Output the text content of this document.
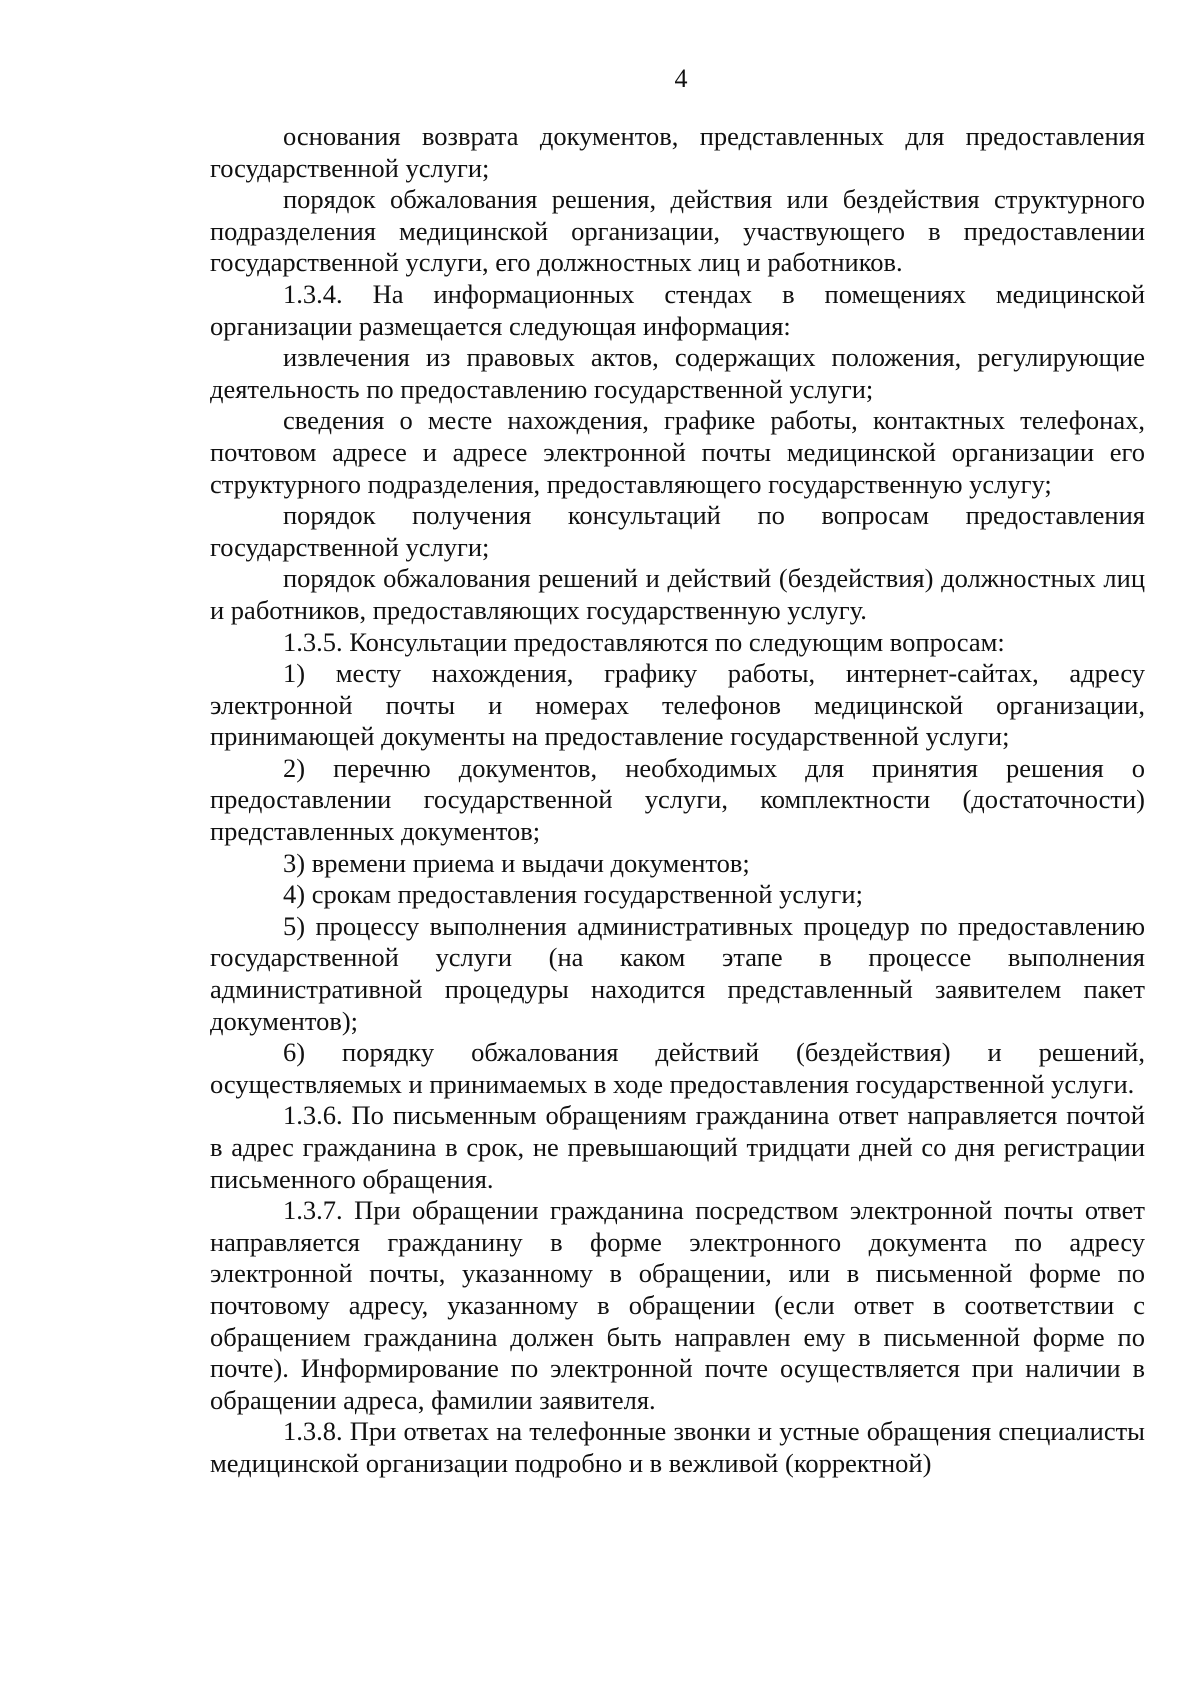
4

основания возврата документов, представленных для предоставления государственной услуги;

порядок обжалования решения, действия или бездействия структурного подразделения медицинской организации, участвующего в предоставлении государственной услуги, его должностных лиц и работников.

1.3.4. На информационных стендах в помещениях медицинской организации размещается следующая информация:

извлечения из правовых актов, содержащих положения, регулирующие деятельность по предоставлению государственной услуги;

сведения о месте нахождения, графике работы, контактных телефонах, почтовом адресе и адресе электронной почты медицинской организации его структурного подразделения, предоставляющего государственную услугу;

порядок получения консультаций по вопросам предоставления государственной услуги;

порядок обжалования решений и действий (бездействия) должностных лиц и работников, предоставляющих государственную услугу.

1.3.5. Консультации предоставляются по следующим вопросам:

1) месту нахождения, графику работы, интернет-сайтах, адресу электронной почты и номерах телефонов медицинской организации, принимающей документы на предоставление государственной услуги;

2) перечню документов, необходимых для принятия решения о предоставлении государственной услуги, комплектности (достаточности) представленных документов;

3) времени приема и выдачи документов;

4) срокам предоставления государственной услуги;

5) процессу выполнения административных процедур по предоставлению государственной услуги (на каком этапе в процессе выполнения административной процедуры находится представленный заявителем пакет документов);

6) порядку обжалования действий (бездействия) и решений, осуществляемых и принимаемых в ходе предоставления государственной услуги.

1.3.6. По письменным обращениям гражданина ответ направляется почтой в адрес гражданина в срок, не превышающий тридцати дней со дня регистрации письменного обращения.

1.3.7. При обращении гражданина посредством электронной почты ответ направляется гражданину в форме электронного документа по адресу электронной почты, указанному в обращении, или в письменной форме по почтовому адресу, указанному в обращении (если ответ в соответствии с обращением гражданина должен быть направлен ему в письменной форме по почте). Информирование по электронной почте осуществляется при наличии в обращении адреса, фамилии заявителя.

1.3.8. При ответах на телефонные звонки и устные обращения специалисты медицинской организации подробно и в вежливой (корректной)
